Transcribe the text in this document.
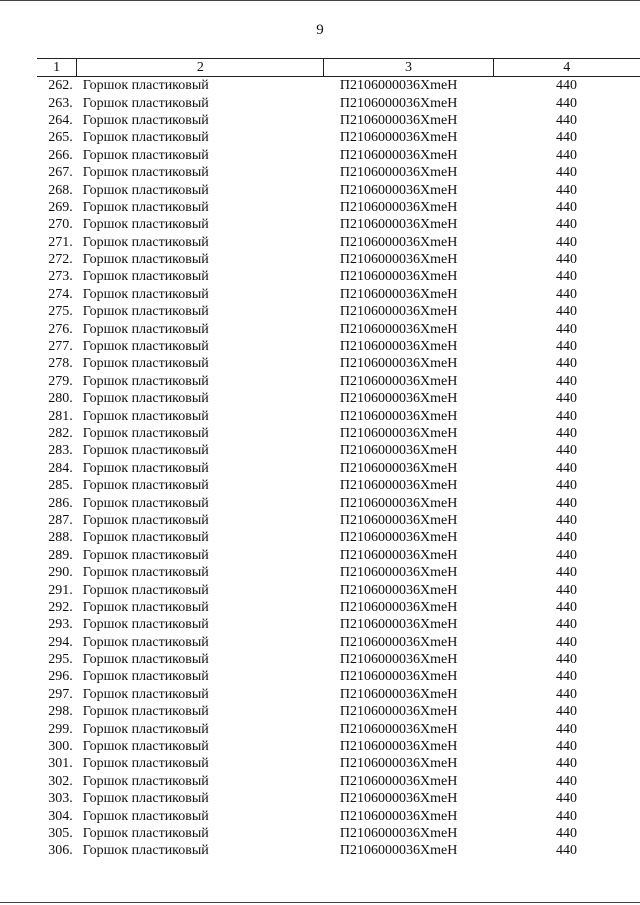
9
1	2	3	4
262.	Горшок пластиковый	П2106000036ХmeН	440
263.	Горшок пластиковый	П2106000036ХmeН	440
264.	Горшок пластиковый	П2106000036ХmeН	440
265.	Горшок пластиковый	П2106000036ХmeН	440
266.	Горшок пластиковый	П2106000036ХmeН	440
267.	Горшок пластиковый	П2106000036ХmeН	440
268.	Горшок пластиковый	П2106000036ХmeН	440
269.	Горшок пластиковый	П2106000036ХmeН	440
270.	Горшок пластиковый	П2106000036ХmeН	440
271.	Горшок пластиковый	П2106000036ХmeН	440
272.	Горшок пластиковый	П2106000036ХmeН	440
273.	Горшок пластиковый	П2106000036ХmeН	440
274.	Горшок пластиковый	П2106000036ХmeН	440
275.	Горшок пластиковый	П2106000036ХmeН	440
276.	Горшок пластиковый	П2106000036ХmeН	440
277.	Горшок пластиковый	П2106000036ХmeН	440
278.	Горшок пластиковый	П2106000036ХmeН	440
279.	Горшок пластиковый	П2106000036ХmeН	440
280.	Горшок пластиковый	П2106000036ХmeН	440
281.	Горшок пластиковый	П2106000036ХmeН	440
282.	Горшок пластиковый	П2106000036ХmeН	440
283.	Горшок пластиковый	П2106000036ХmeН	440
284.	Горшок пластиковый	П2106000036ХmeН	440
285.	Горшок пластиковый	П2106000036ХmeН	440
286.	Горшок пластиковый	П2106000036ХmeН	440
287.	Горшок пластиковый	П2106000036ХmeН	440
288.	Горшок пластиковый	П2106000036ХmeН	440
289.	Горшок пластиковый	П2106000036ХmeН	440
290.	Горшок пластиковый	П2106000036ХmeН	440
291.	Горшок пластиковый	П2106000036ХmeН	440
292.	Горшок пластиковый	П2106000036ХmeН	440
293.	Горшок пластиковый	П2106000036ХmeН	440
294.	Горшок пластиковый	П2106000036ХmeН	440
295.	Горшок пластиковый	П2106000036ХmeН	440
296.	Горшок пластиковый	П2106000036ХmeН	440
297.	Горшок пластиковый	П2106000036ХmeН	440
298.	Горшок пластиковый	П2106000036ХmeН	440
299.	Горшок пластиковый	П2106000036ХmeН	440
300.	Горшок пластиковый	П2106000036ХmeН	440
301.	Горшок пластиковый	П2106000036ХmeН	440
302.	Горшок пластиковый	П2106000036ХmeН	440
303.	Горшок пластиковый	П2106000036ХmeН	440
304.	Горшок пластиковый	П2106000036ХmeН	440
305.	Горшок пластиковый	П2106000036ХmeН	440
306.	Горшок пластиковый	П2106000036ХmeН	440
